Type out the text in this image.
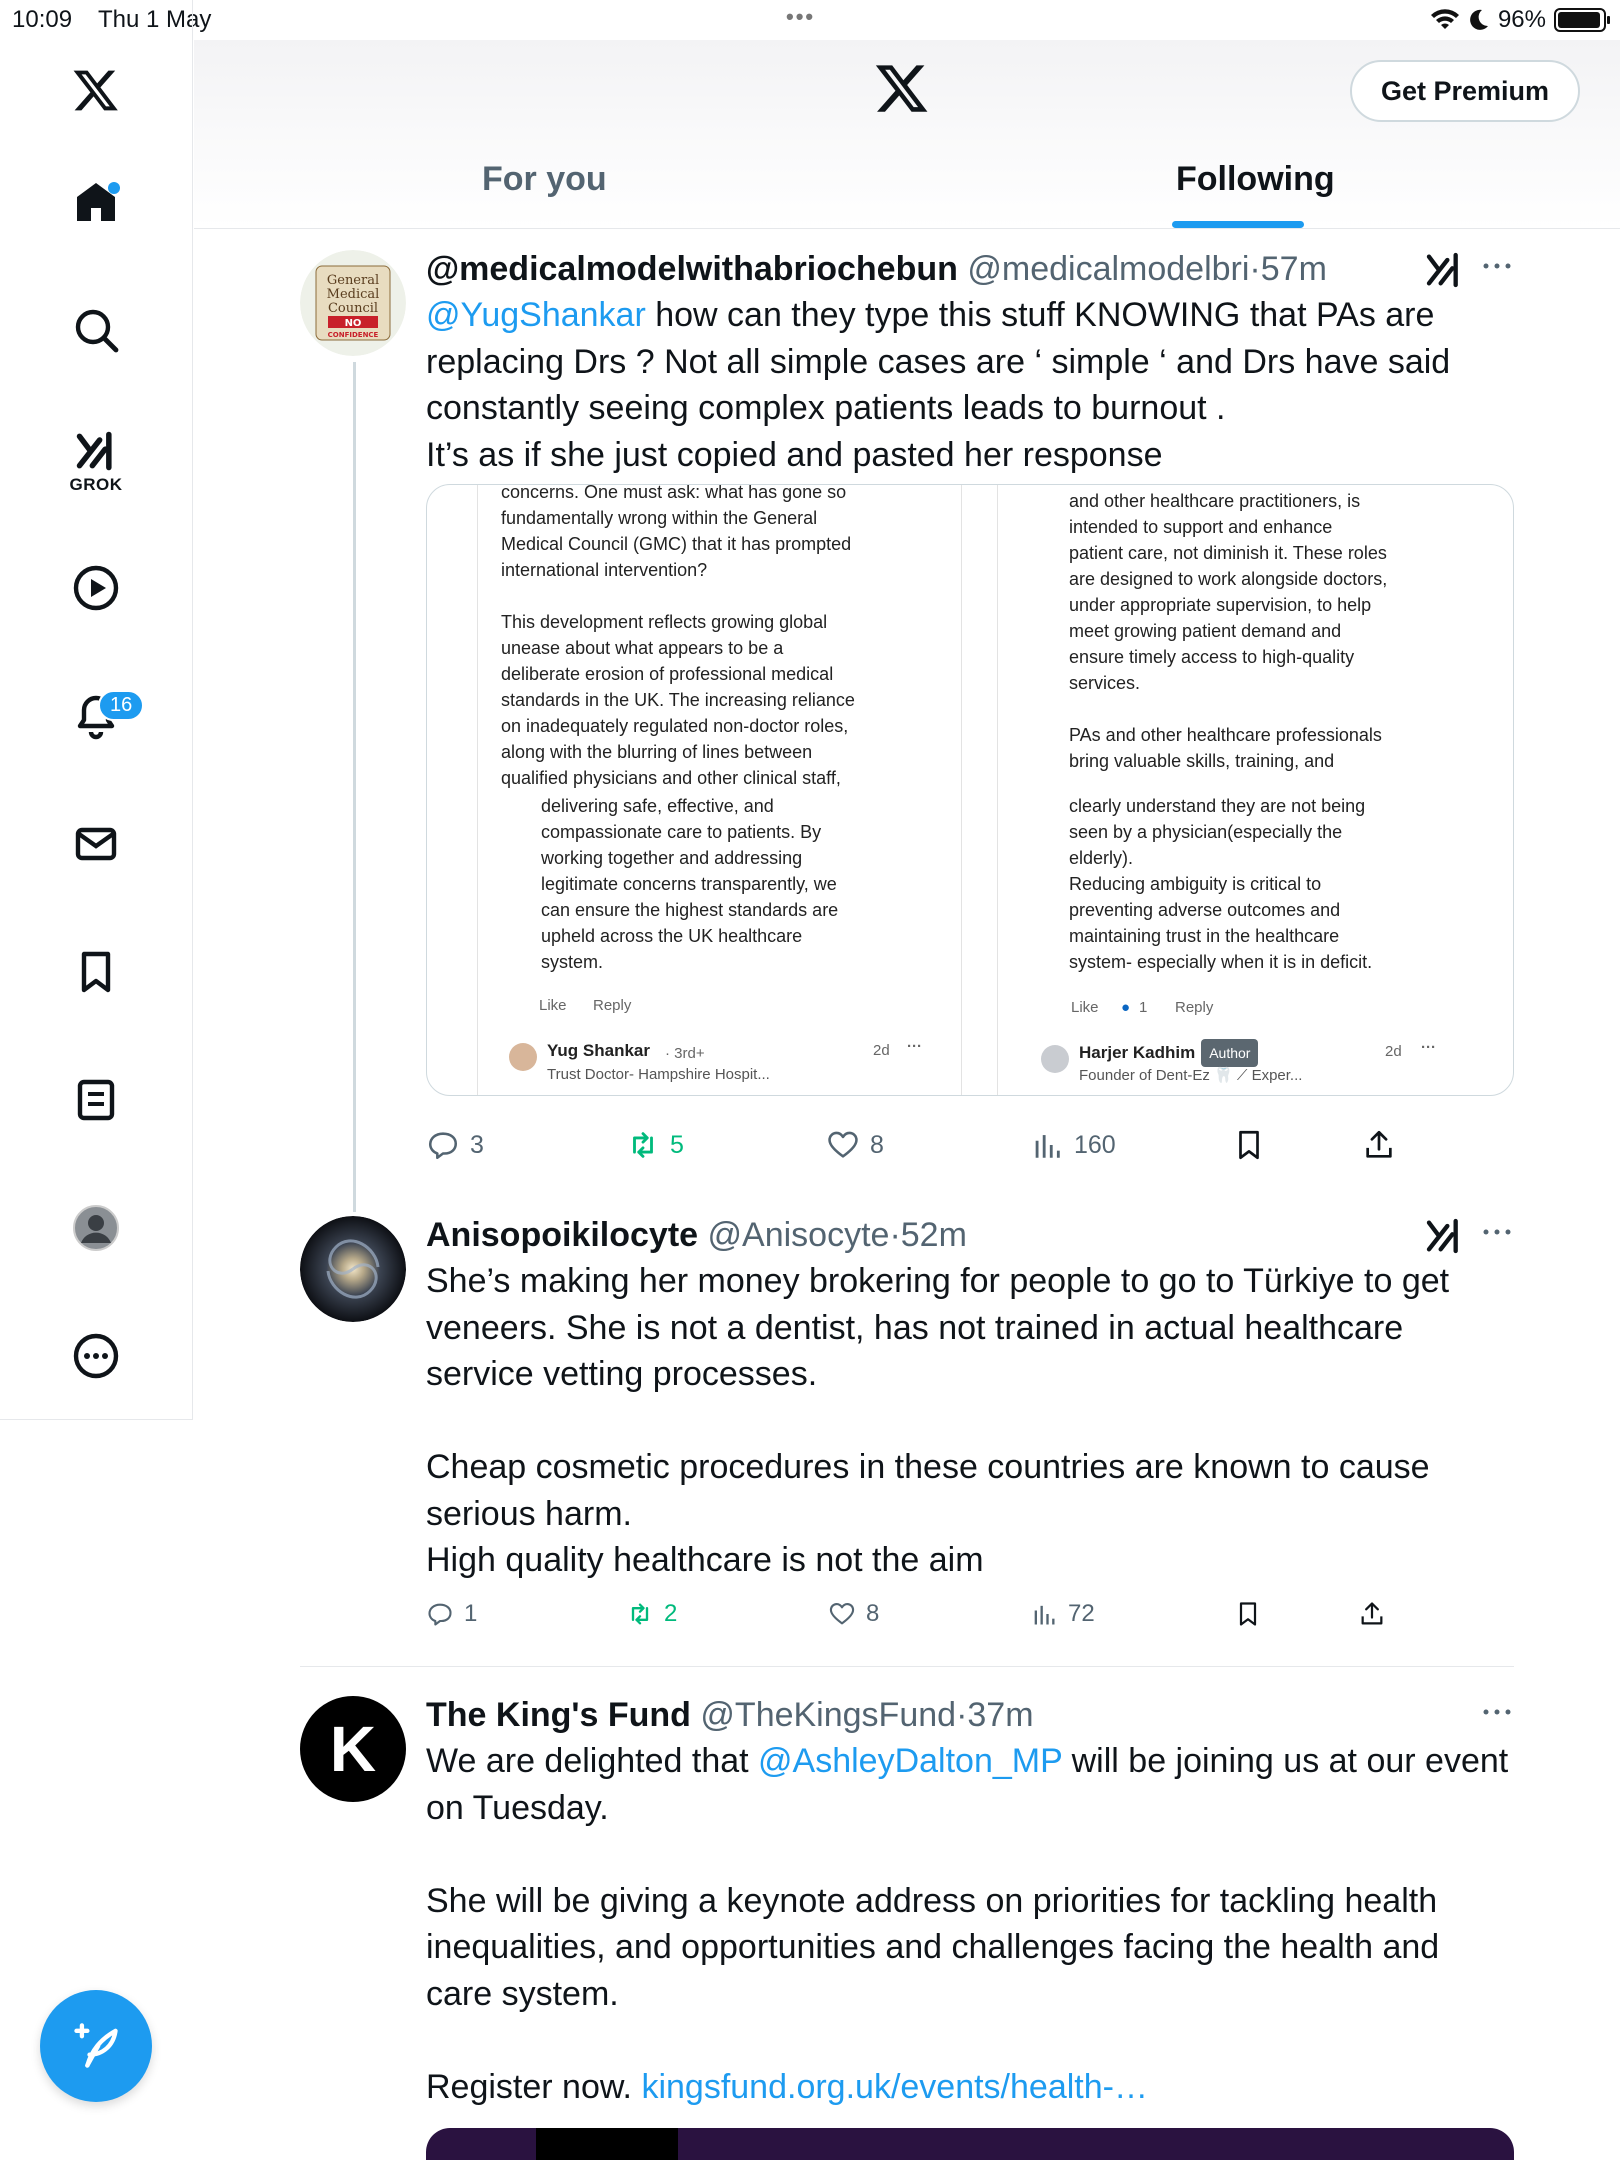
10:09 Thu 1 May	•••	96%
GROK
16
Get Premium
For you	Following
General
Medical
Council
NO
CONFIDENCE
@medicalmodelwithabriochebun @medicalmodelbri·57m
@YugShankar how can they type this stuff KNOWING that PAs are
replacing Drs ? Not all simple cases are ‘ simple ‘ and Drs have said
constantly seeing complex patients leads to burnout .
It’s as if she just copied and pasted her response
concerns. One must ask: what has gone so
fundamentally wrong within the General
Medical Council (GMC) that it has prompted
international intervention?

This development reflects growing global
unease about what appears to be a
deliberate erosion of professional medical
standards in the UK. The increasing reliance
on inadequately regulated non-doctor roles,
along with the blurring of lines between
qualified physicians and other clinical staff,
delivering safe, effective, and
compassionate care to patients. By
working together and addressing
legitimate concerns transparently, we
can ensure the highest standards are
upheld across the UK healthcare
system.
Like Reply
Yug Shankar · 3rd+
Trust Doctor- Hampshire Hospit...
2d ···
and other healthcare practitioners, is
intended to support and enhance
patient care, not diminish it. These roles
are designed to work alongside doctors,
under appropriate supervision, to help
meet growing patient demand and
ensure timely access to high-quality
services.

PAs and other healthcare professionals
bring valuable skills, training, and
clearly understand they are not being
seen by a physician(especially the
elderly).
Reducing ambiguity is critical to
preventing adverse outcomes and
maintaining trust in the healthcare
system- especially when it is in deficit.
Like ● 1 Reply
Harjer Kadhim Author
Founder of Dent-Ez 🦷 ⟋ Exper...
2d ···
3	5	8	160
Anisopoikilocyte @Anisocyte·52m
She’s making her money brokering for people to go to Türkiye to get
veneers. She is not a dentist, has not trained in actual healthcare
service vetting processes.
Cheap cosmetic procedures in these countries are known to cause
serious harm.
High quality healthcare is not the aim
1	2	8	72
K The King's Fund @TheKingsFund·37m
We are delighted that @AshleyDalton_MP will be joining us at our event
on Tuesday.
She will be giving a keynote address on priorities for tackling health
inequalities, and opportunities and challenges facing the health and
care system.
Register now. kingsfund.org.uk/events/health-…
